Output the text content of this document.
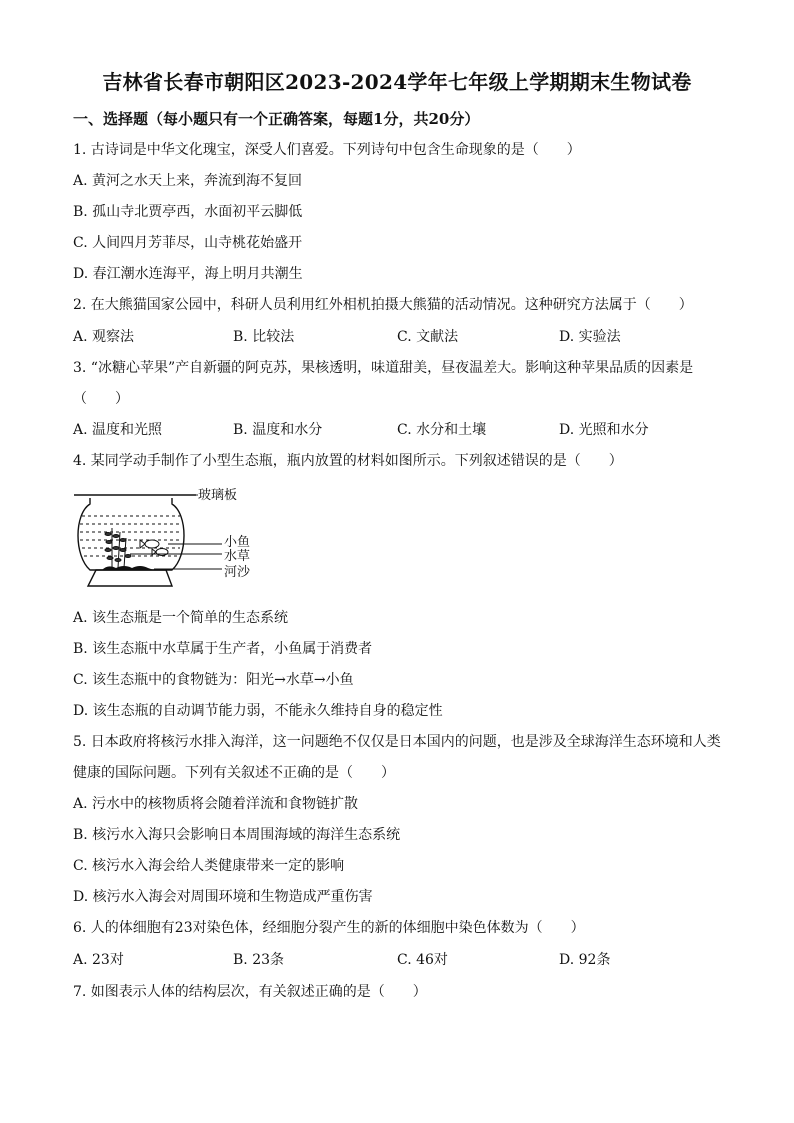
吉林省长春市朝阳区2023-2024学年七年级上学期期末生物试卷
一、选择题（每小题只有一个正确答案，每题1分，共20分）
1. 古诗词是中华文化瑰宝，深受人们喜爱。下列诗句中包含生命现象的是（　　）
A. 黄河之水天上来，奔流到海不复回
B. 孤山寺北贾亭西，水面初平云脚低
C. 人间四月芳菲尽，山寺桃花始盛开
D. 春江潮水连海平，海上明月共潮生
2. 在大熊猫国家公园中，科研人员利用红外相机拍摄大熊猫的活动情况。这种研究方法属于（　　）
A. 观察法	B. 比较法	C. 文献法	D. 实验法
3. “冰糖心苹果”产自新疆的阿克苏，果核透明，味道甜美，昼夜温差大。影响这种苹果品质的因素是
（　　）
A. 温度和光照	B. 温度和水分	C. 水分和土壤	D. 光照和水分
4. 某同学动手制作了小型生态瓶，瓶内放置的材料如图所示。下列叙述错误的是（　　）
玻璃板
小鱼
水草
河沙
A. 该生态瓶是一个简单的生态系统
B. 该生态瓶中水草属于生产者，小鱼属于消费者
C. 该生态瓶中的食物链为：阳光→水草→小鱼
D. 该生态瓶的自动调节能力弱，不能永久维持自身的稳定性
5. 日本政府将核污水排入海洋，这一问题绝不仅仅是日本国内的问题，也是涉及全球海洋生态环境和人类
健康的国际问题。下列有关叙述不正确的是（　　）
A. 污水中的核物质将会随着洋流和食物链扩散
B. 核污水入海只会影响日本周围海域的海洋生态系统
C. 核污水入海会给人类健康带来一定的影响
D. 核污水入海会对周围环境和生物造成严重伤害
6. 人的体细胞有23对染色体，经细胞分裂产生的新的体细胞中染色体数为（　　）
A. 23对	B. 23条	C. 46对	D. 92条
7. 如图表示人体的结构层次，有关叙述正确的是（　　）
